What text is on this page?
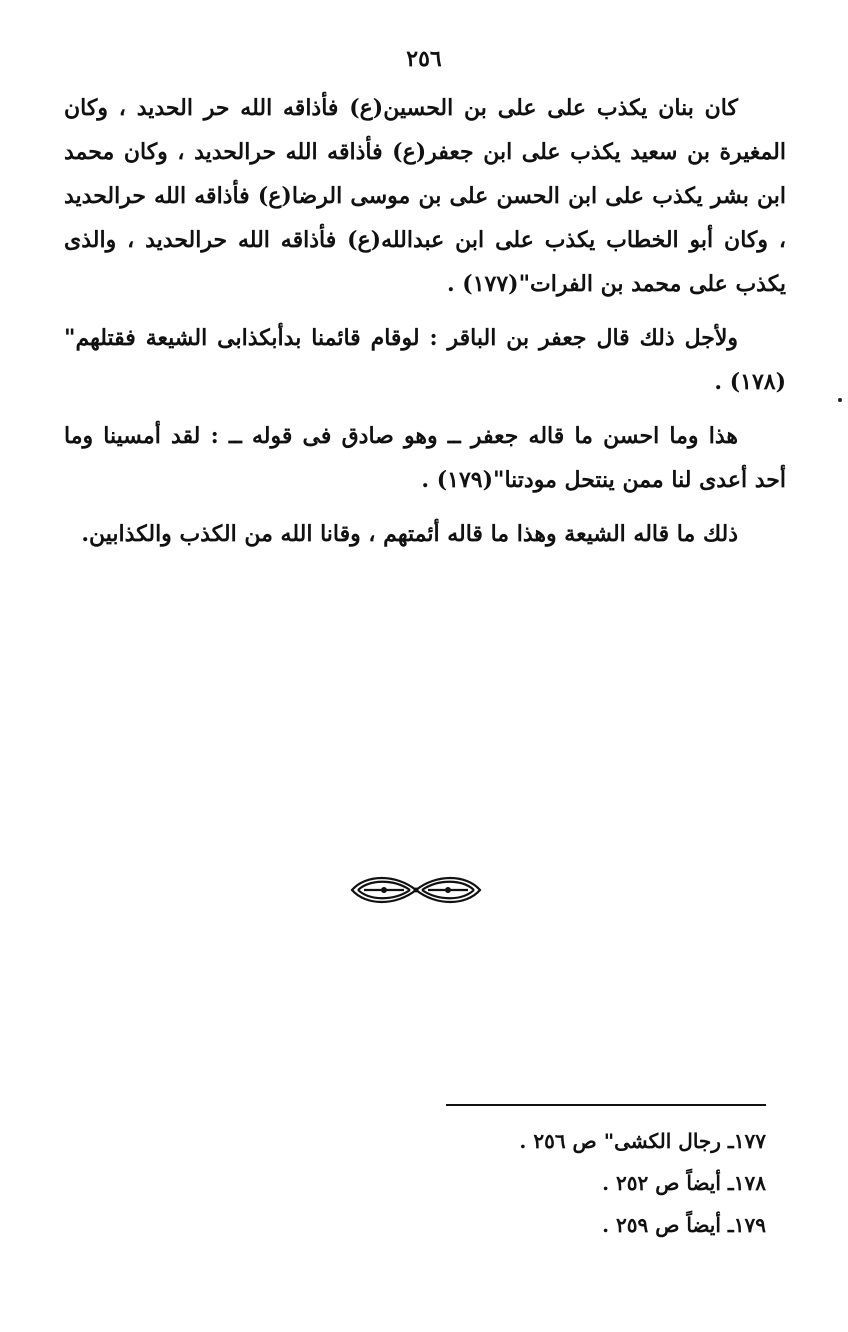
٢٥٦

كان بنان يكذب على على بن الحسين(ع) فأذاقه الله حر الحديد ، وكان المغيرة بن سعيد يكذب على ابن جعفر(ع) فأذاقه الله حرالحديد ، وكان محمد ابن بشر يكذب على ابن الحسن على بن موسى الرضا(ع) فأذاقه الله حرالحديد ، وكان أبو الخطاب يكذب على ابن عبدالله(ع) فأذاقه الله حرالحديد ، والذى يكذب على محمد بن الفرات"(١٧٧) .

ولأجل ذلك قال جعفر بن الباقر : لوقام قائمنا بدأبكذابى الشيعة فقتلهم"(١٧٨) .

هذا وما احسن ما قاله جعفر ــ وهو صادق فى قوله ــ : لقد أمسينا وما أحد أعدى لنا ممن ينتحل مودتنا"(١٧٩) .

ذلك ما قاله الشيعة وهذا ما قاله أئمتهم ، وقانا الله من الكذب والكذابين.

١٧٧ـ رجال الكشى" ص ٢٥٦ .

١٧٨ـ أيضاً ص ٢٥٢ .

١٧٩ـ أيضاً ص ٢٥٩ .
